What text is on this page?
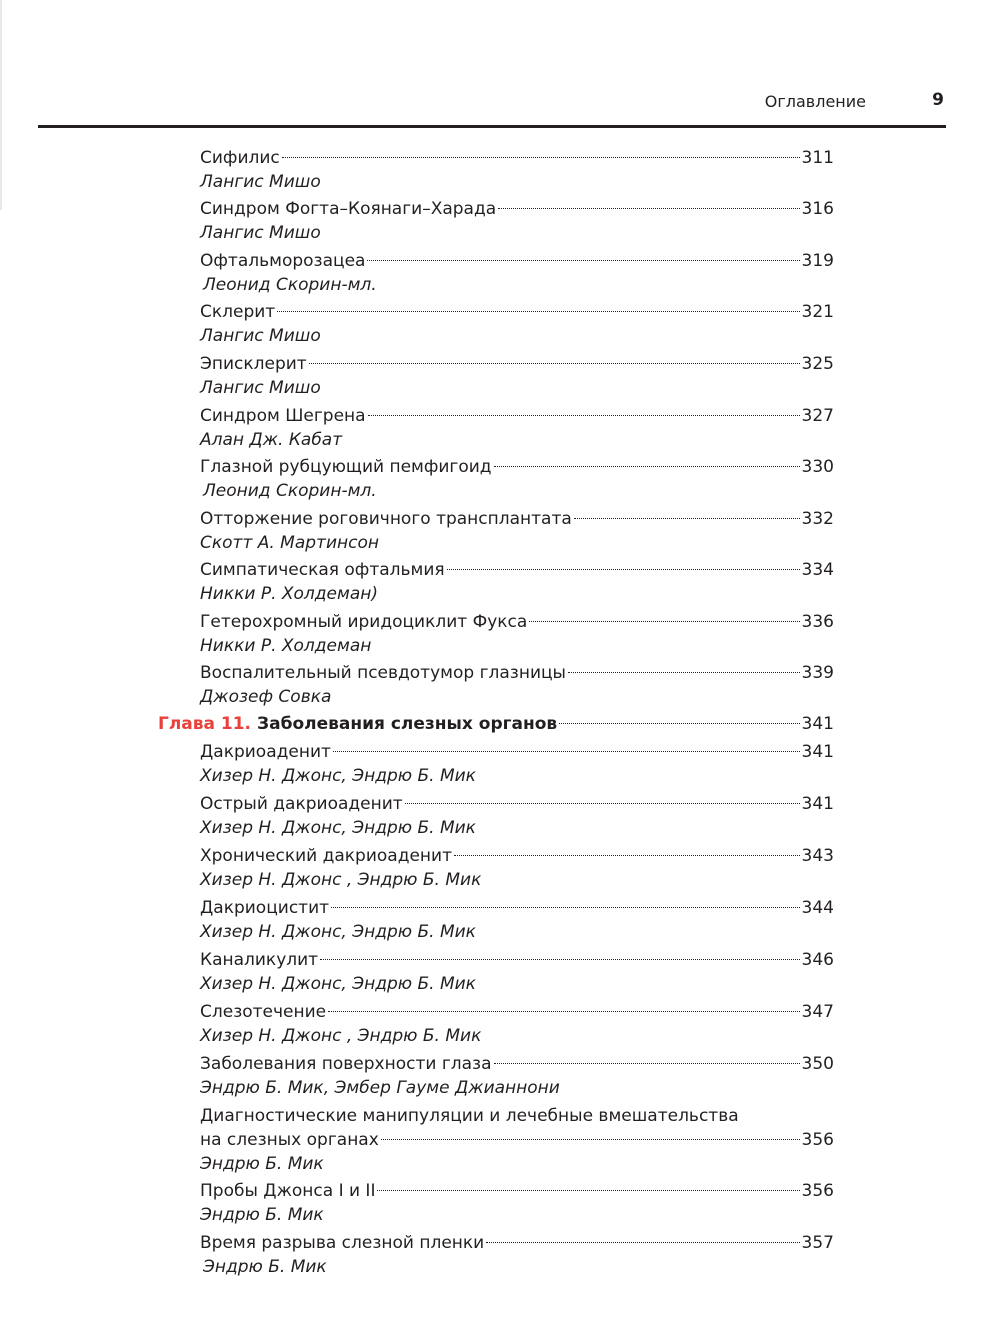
Оглавление	9
Сифилис	311
Лангис Мишо
Синдром Фогта–Коянаги–Харада	316
Лангис Мишо
Офтальморозацеа	319
Леонид Скорин-мл.
Склерит	321
Лангис Мишо
Эписклерит	325
Лангис Мишо
Синдром Шегрена	327
Алан Дж. Кабат
Глазной рубцующий пемфигоид	330
Леонид Скорин-мл.
Отторжение роговичного трансплантата	332
Скотт А. Мартинсон
Симпатическая офтальмия	334
Никки Р. Холдеман)
Гетерохромный иридоциклит Фукса	336
Никки Р. Холдеман
Воспалительный псевдотумор глазницы	339
Джозеф Совка
Глава 11. Заболевания слезных органов	341
Дакриоаденит	341
Хизер Н. Джонс, Эндрю Б. Мик
Острый дакриоаденит	341
Хизер Н. Джонс, Эндрю Б. Мик
Хронический дакриоаденит	343
Хизер Н. Джонс , Эндрю Б. Мик
Дакриоцистит	344
Хизер Н. Джонс, Эндрю Б. Мик
Каналикулит	346
Хизер Н. Джонс, Эндрю Б. Мик
Слезотечение	347
Хизер Н. Джонс , Эндрю Б. Мик
Заболевания поверхности глаза	350
Эндрю Б. Мик, Эмбер Гауме Джианнони
Диагностические манипуляции и лечебные вмешательства
на слезных органах	356
Эндрю Б. Мик
Пробы Джонса I и II	356
Эндрю Б. Мик
Время разрыва слезной пленки	357
Эндрю Б. Мик
